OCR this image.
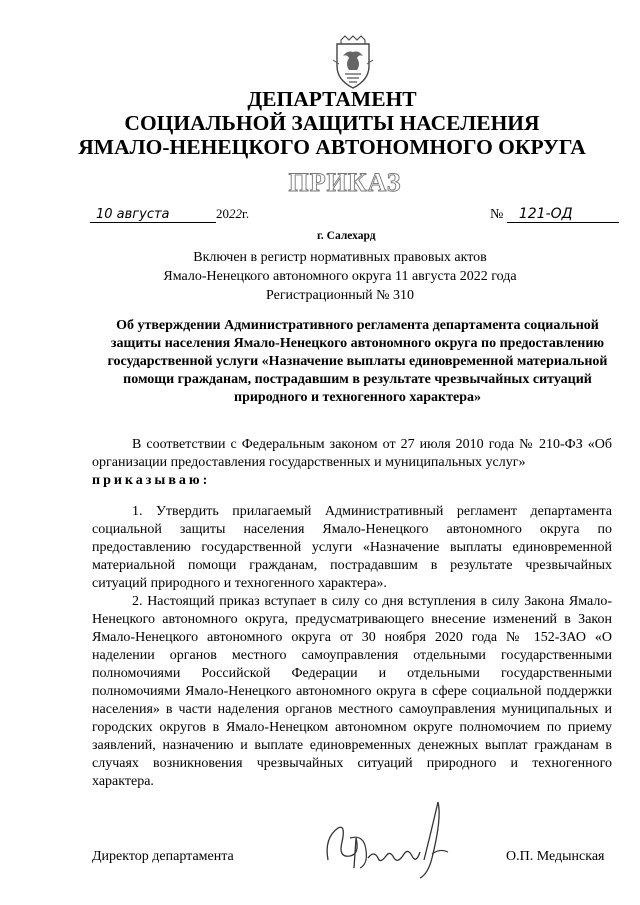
ДЕПАРТАМЕНТ
СОЦИАЛЬНОЙ ЗАЩИТЫ НАСЕЛЕНИЯ
ЯМАЛО-НЕНЕЦКОГО АВТОНОМНОГО ОКРУГА
ПРИКАЗ
10 августа	2022г.	№ 121-ОД
г. Салехард
Включен в регистр нормативных правовых актов
Ямало-Ненецкого автономного округа 11 августа 2022 года
Регистрационный № 310
Об утверждении Административного регламента департамента социальной защиты населения Ямало-Ненецкого автономного округа по предоставлению государственной услуги «Назначение выплаты единовременной материальной помощи гражданам, пострадавшим в результате чрезвычайных ситуаций природного и техногенного характера»
В соответствии с Федеральным законом от 27 июля 2010 года № 210-ФЗ «Об организации предоставления государственных и муниципальных услуг»
приказываю:
1. Утвердить прилагаемый Административный регламент департамента социальной защиты населения Ямало-Ненецкого автономного округа по предоставлению государственной услуги «Назначение выплаты единовременной материальной помощи гражданам, пострадавшим в результате чрезвычайных ситуаций природного и техногенного характера».
2. Настоящий приказ вступает в силу со дня вступления в силу Закона Ямало-Ненецкого автономного округа, предусматривающего внесение изменений в Закон Ямало-Ненецкого автономного округа от 30 ноября 2020 года № 152-ЗАО «О наделении органов местного самоуправления отдельными государственными полномочиями Российской Федерации и отдельными государственными полномочиями Ямало-Ненецкого автономного округа в сфере социальной поддержки населения» в части наделения органов местного самоуправления муниципальных и городских округов в Ямало-Ненецком автономном округе полномочием по приему заявлений, назначению и выплате единовременных денежных выплат гражданам в случаях возникновения чрезвычайных ситуаций природного и техногенного характера.
Директор департамента	О.П. Медынская
